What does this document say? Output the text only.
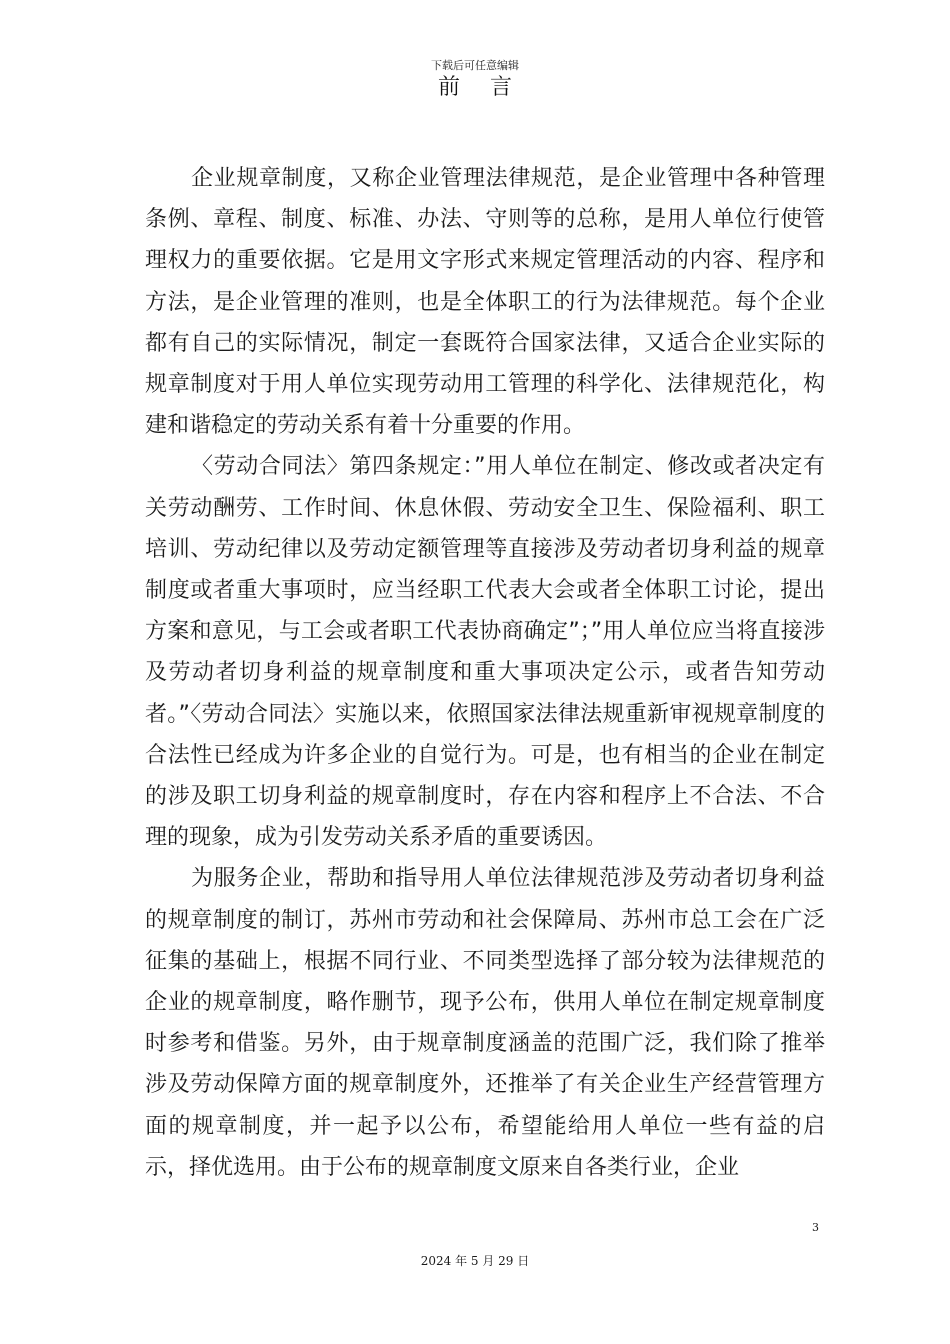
下载后可任意编辑
前言

企业规章制度，又称企业管理法律规范，是企业管理中各种管理条例、章程、制度、标准、办法、守则等的总称，是用人单位行使管理权力的重要依据。它是用文字形式来规定管理活动的内容、程序和方法，是企业管理的准则，也是全体职工的行为法律规范。每个企业都有自己的实际情况，制定一套既符合国家法律，又适合企业实际的规章制度对于用人单位实现劳动用工管理的科学化、法律规范化，构建和谐稳定的劳动关系有着十分重要的作用。

〈劳动合同法〉第四条规定：”用人单位在制定、修改或者决定有关劳动酬劳、工作时间、休息休假、劳动安全卫生、保险福利、职工培训、劳动纪律以及劳动定额管理等直接涉及劳动者切身利益的规章制度或者重大事项时，应当经职工代表大会或者全体职工讨论，提出方案和意见，与工会或者职工代表协商确定”；”用人单位应当将直接涉及劳动者切身利益的规章制度和重大事项决定公示，或者告知劳动者。”〈劳动合同法〉实施以来，依照国家法律法规重新审视规章制度的合法性已经成为许多企业的自觉行为。可是，也有相当的企业在制定的涉及职工切身利益的规章制度时，存在内容和程序上不合法、不合理的现象，成为引发劳动关系矛盾的重要诱因。

为服务企业，帮助和指导用人单位法律规范涉及劳动者切身利益的规章制度的制订，苏州市劳动和社会保障局、苏州市总工会在广泛征集的基础上，根据不同行业、不同类型选择了部分较为法律规范的企业的规章制度，略作删节，现予公布，供用人单位在制定规章制度时参考和借鉴。另外，由于规章制度涵盖的范围广泛，我们除了推举涉及劳动保障方面的规章制度外，还推举了有关企业生产经营管理方面的规章制度，并一起予以公布，希望能给用人单位一些有益的启示，择优选用。由于公布的规章制度文原来自各类行业，企业

3
2024 年 5 月 29 日
